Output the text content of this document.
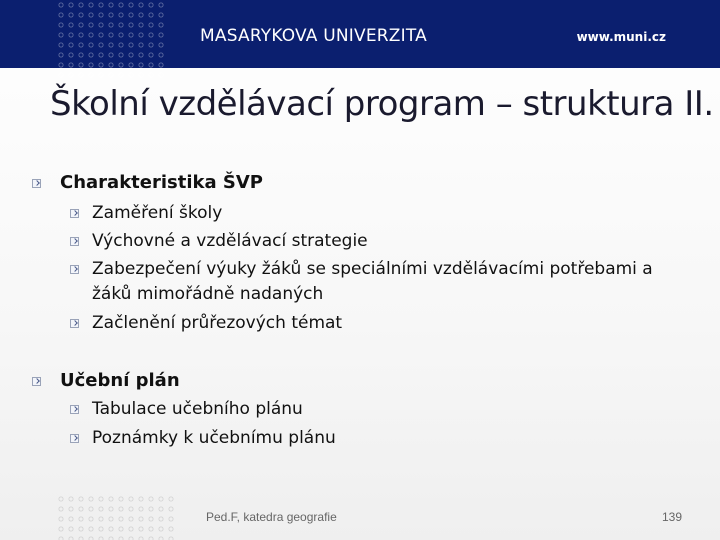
MASARYKOVA UNIVERZITA	www.muni.cz
Školní vzdělávací program – struktura II.
Charakteristika ŠVP
Zaměření školy
Výchovné a vzdělávací strategie
Zabezpečení výuky žáků se speciálními vzdělávacími potřebami a
žáků mimořádně nadaných
Začlenění průřezových témat
Učební plán
Tabulace učebního plánu
Poznámky k učebnímu plánu
Ped.F, katedra geografie	139
